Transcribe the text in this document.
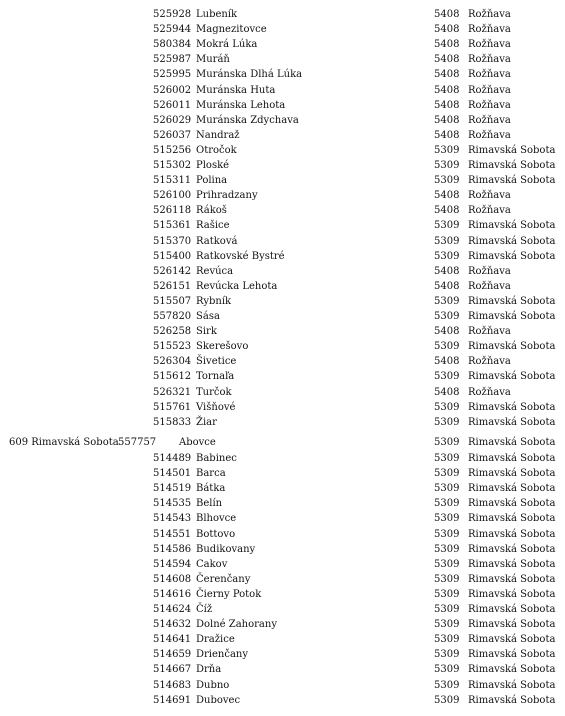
609 Rimavská Sobota 557757 Abovce	5309 Rimavská Sobota
525928 Lubeník	5408 Rožňava
525944 Magnezitovce	5408 Rožňava
580384 Mokrá Lúka	5408 Rožňava
525987 Muráň	5408 Rožňava
525995 Muránska Dlhá Lúka	5408 Rožňava
526002 Muránska Huta	5408 Rožňava
526011 Muránska Lehota	5408 Rožňava
526029 Muránska Zdychava	5408 Rožňava
526037 Nandraž	5408 Rožňava
515256 Otročok	5309 Rimavská Sobota
515302 Ploské	5309 Rimavská Sobota
515311 Polina	5309 Rimavská Sobota
526100 Prihradzany	5408 Rožňava
526118 Rákoš	5408 Rožňava
515361 Rašice	5309 Rimavská Sobota
515370 Ratková	5309 Rimavská Sobota
515400 Ratkovské Bystré	5309 Rimavská Sobota
526142 Revúca	5408 Rožňava
526151 Revúcka Lehota	5408 Rožňava
515507 Rybník	5309 Rimavská Sobota
557820 Sása	5309 Rimavská Sobota
526258 Sirk	5408 Rožňava
515523 Skerešovo	5309 Rimavská Sobota
526304 Šivetice	5408 Rožňava
515612 Tornaľa	5309 Rimavská Sobota
526321 Turčok	5408 Rožňava
515761 Višňové	5309 Rimavská Sobota
515833 Žiar	5309 Rimavská Sobota
514489 Babinec	5309 Rimavská Sobota
514501 Barca	5309 Rimavská Sobota
514519 Bátka	5309 Rimavská Sobota
514535 Belín	5309 Rimavská Sobota
514543 Blhovce	5309 Rimavská Sobota
514551 Bottovo	5309 Rimavská Sobota
514586 Budikovany	5309 Rimavská Sobota
514594 Cakov	5309 Rimavská Sobota
514608 Čerenčany	5309 Rimavská Sobota
514616 Čierny Potok	5309 Rimavská Sobota
514624 Číž	5309 Rimavská Sobota
514632 Dolné Zahorany	5309 Rimavská Sobota
514641 Dražice	5309 Rimavská Sobota
514659 Drienčany	5309 Rimavská Sobota
514667 Drňa	5309 Rimavská Sobota
514683 Dubno	5309 Rimavská Sobota
514691 Dubovec	5309 Rimavská Sobota
